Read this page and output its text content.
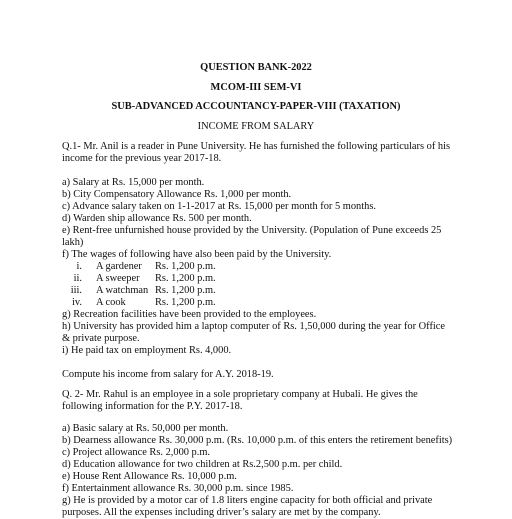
QUESTION BANK-2022
MCOM-III SEM-VI
SUB-ADVANCED ACCOUNTANCY-PAPER-VIII (TAXATION)
INCOME FROM SALARY
Q.1- Mr. Anil is a reader in Pune University. He has furnished the following particulars of his
income for the previous year 2017-18.
a) Salary at Rs. 15,000 per month.
b) City Compensatory Allowance Rs. 1,000 per month.
c) Advance salary taken on 1-1-2017 at Rs. 15,000 per month for 5 months.
d) Warden ship allowance Rs. 500 per month.
e) Rent-free unfurnished house provided by the University. (Population of Pune exceeds 25
lakh)
f) The wages of following have also been paid by the University.
i. A gardener Rs. 1,200 p.m.
ii. A sweeper Rs. 1,200 p.m.
iii. A watchman Rs. 1,200 p.m.
iv. A cook	Rs. 1,200 p.m.
g) Recreation facilities have been provided to the employees.
h) University has provided him a laptop computer of Rs. 1,50,000 during the year for Office
& private purpose.
i) He paid tax on employment Rs. 4,000.
Compute his income from salary for A.Y. 2018-19.
Q. 2- Mr. Rahul is an employee in a sole proprietary company at Hubali. He gives the
following information for the P.Y. 2017-18.
a) Basic salary at Rs. 50,000 per month.
b) Dearness allowance Rs. 30,000 p.m. (Rs. 10,000 p.m. of this enters the retirement benefits)
c) Project allowance Rs. 2,000 p.m.
d) Education allowance for two children at Rs.2,500 p.m. per child.
e) House Rent Allowance Rs. 10,000 p.m.
f) Entertainment allowance Rs. 30,000 p.m. since 1985.
g) He is provided by a motor car of 1.8 liters engine capacity for both official and private
purposes. All the expenses including driver’s salary are met by the company.
